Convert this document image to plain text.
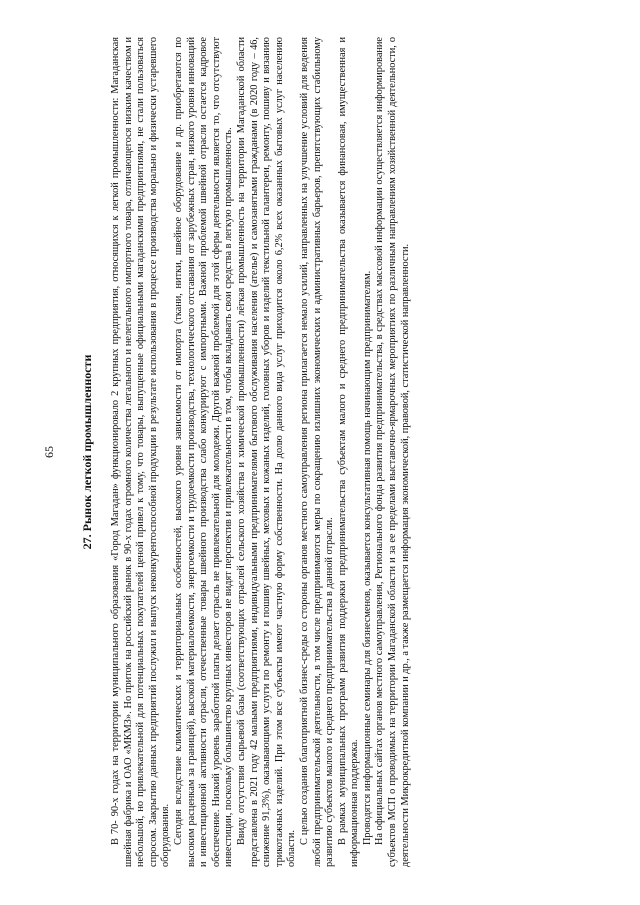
65 27. Рынок легкой промышленности В 70- 90-х годах на территории муниципального образования «Город Магадан» функционировало 2 крупных предприятия, относящихся к легкой промышленности: Магаданская швейная фабрика и ОАО «МКМЗ». Но приток на российский рынок в 90-х годах огромного количества легального и нелегального импортного товара, отличающегося низким качеством и небольшой, но привлекательной для потенциальных покупателей ценой привел к тому, что товары, выпущенные официальными магаданскими предприятиями, не стали пользоваться спросом. Закрытию данных предприятий послужил и выпуск неконкурентоспособной продукции в результате использования в процессе производства морально и физически устаревшего оборудования. Сегодня вследствие климатических и территориальных особенностей, высокого уровня зависимости от импорта (ткани, нитки, швейное оборудование и др. приобретаются по высоким расценкам за границей), высокой материалоемкости, энергоемкости и трудоемкости производства, технологического отставания от зарубежных стран, низкого уровня инноваций и инвестиционной активности отрасли, отечественные товары швейного производства слабо конкурируют с импортными. Важной проблемой швейной отрасли остается кадровое обеспечение. Низкий уровень заработной платы делает отрасль не привлекательной для молодежи. Другой важной проблемой для этой сферы деятельности является то, что отсутствуют инвестиции, поскольку большинство крупных инвесторов не видят перспектив и привлекательности в том, чтобы вкладывать свои средства в легкую промышленность. Ввиду отсутствия сырьевой базы (соответствующих отраслей сельского хозяйства и химической промышленности) лёгкая промышленность на территории Магаданской области представлена в 2021 году 42 малыми предприятиями, индивидуальными предпринимателями бытового обслуживания населения (ателье) и самозанятыми гражданами (в 2020 году – 46, снижение 91,3%), оказывающими услуги по ремонту и пошиву швейных, меховых и кожаных изделий, головных уборов и изделий текстильной галантереи, ремонту, пошиву и вязанию трикотажных изделий. При этом все субъекты имеют частную форму собственности. На долю данного вида услуг приходится около 6,2% всех оказанных бытовых услуг населению области.

С целью создания благоприятной бизнес-среды со стороны органов местного самоуправления региона прилагается немало усилий, направленных на улучшение условий для ведения любой предпринимательской деятельности, в том числе предпринимаются меры по сокращению излишних экономических и административных барьеров, препятствующих стабильному развитию субъектов малого и среднего предпринимательства в данной отрасли. В рамках муниципальных программ развития поддержки предпринимательства субъектам малого и среднего предпринимательства оказывается финансовая, имущественная и информационная поддержка. Проводятся информационные семинары для бизнесменов, оказывается консультативная помощь начинающим предпринимателям. На официальных сайтах органов местного самоуправления, Регионального фонда развития предпринимательства, в средствах массовой информации осуществляется информирование субъектов МСП о проводимых на территории Магаданской области и за ее пределами выставочно-ярмарочных мероприятиях по различным направлениям хозяйственной деятельности, о деятельности Микрокредитной компании и др., а также размещается информация экономической, правовой, статистической направленности.
